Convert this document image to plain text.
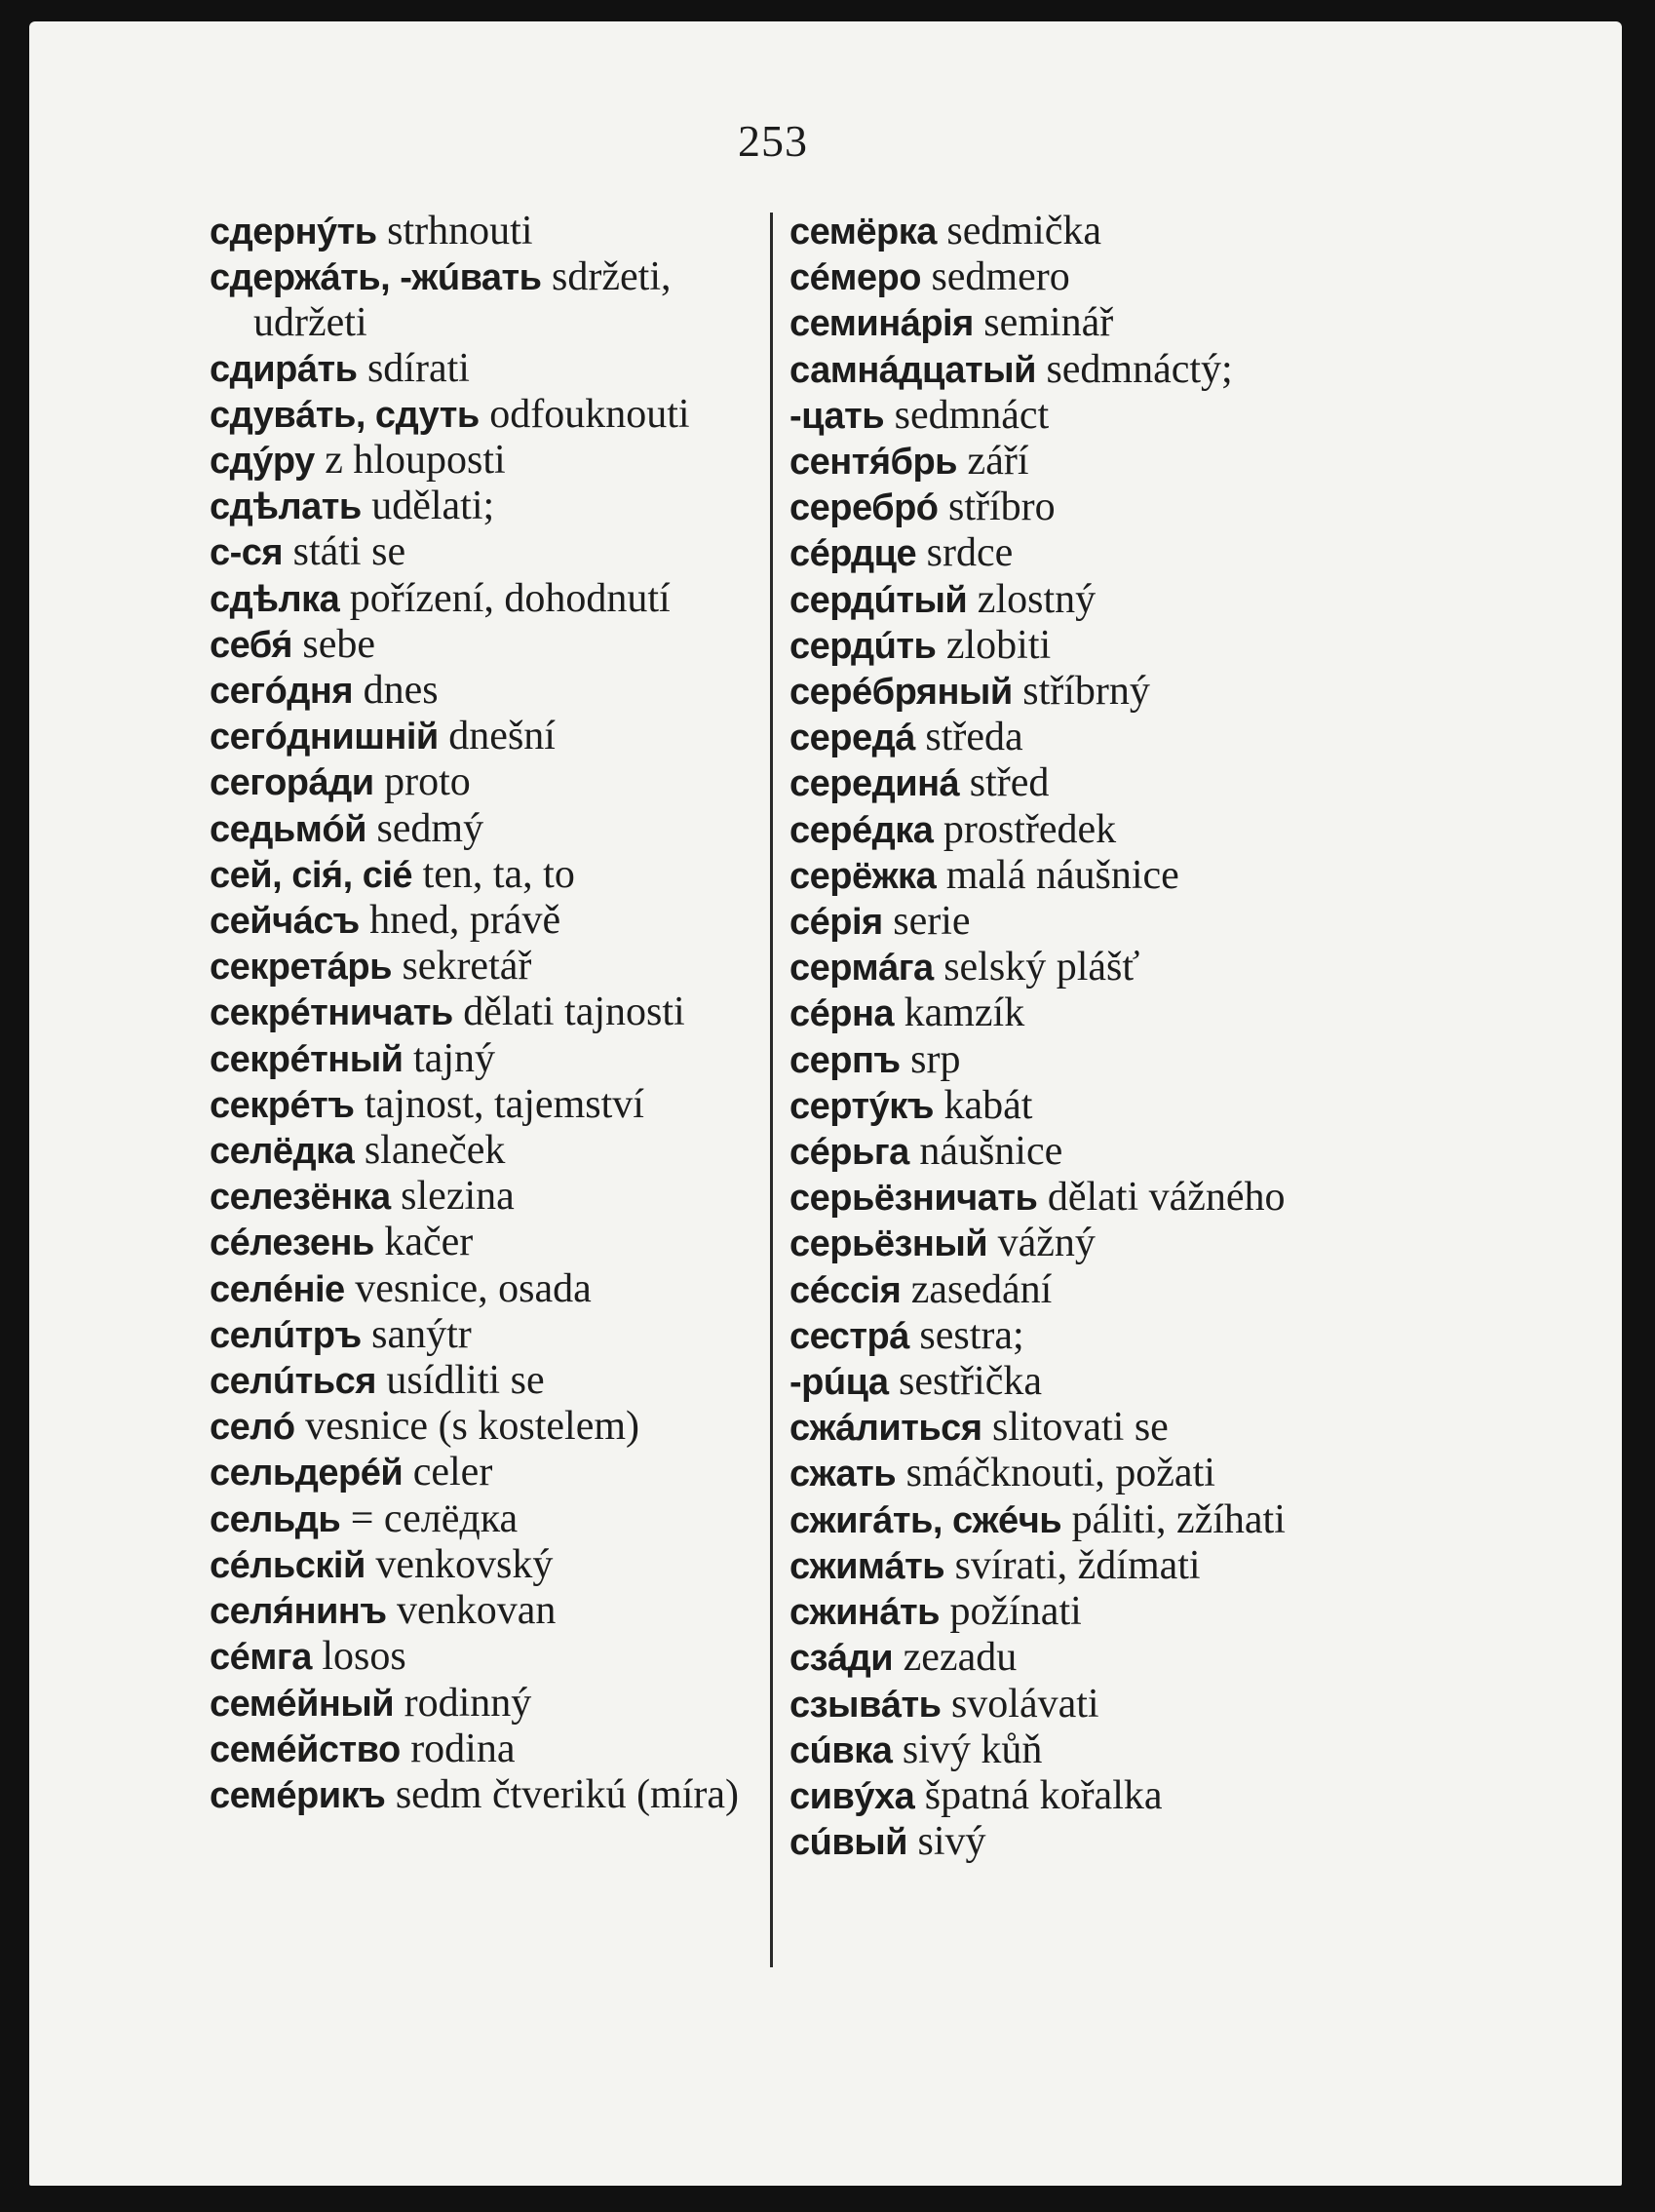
253
сдернýть strhnouti
сдержáть, -жúвать sdržeti, udržeti
сдирáть sdírati
сдувáть, сдуть odfouknouti
сдýру z hlouposti
сдѣлать udělati;
с-ся státi se
сдѣлка pořízení, dohodnutí
себя́ sebe
сегóдня dnes
сегóднишній dnešní
сегорáди proto
седьмóй sedmý
сей, сія́, сіé ten, ta, to
сейчáсъ hned, právě
секретáрь sekretář
секрéтничать dělati tajnosti
секрéтный tajný
секрéтъ tajnost, tajemství
селёдка slaneček
селезёнка slezina
сéлезень kačer
селéніе vesnice, osada
селúтръ sanýtr
селúться usídliti se
селó vesnice (s kostelem)
сельдерéй celer
сельдь = селёдка
сéльскій venkovský
селя́нинъ venkovan
сéмга losos
семéйный rodinný
семéйство rodina
семéрикъ sedm čtverikú (míra)
семёрка sedmička
сéмеро sedmero
семинáрія seminář
самнáдцатый sedmnáctý;
-цать sedmnáct
сентя́брь září
серебрó stříbro
сéрдце srdce
сердúтый zlostný
сердúть zlobiti
серéбряный stříbrný
середá středa
серединá střed
серéдка prostředek
серёжка malá náušnice
сéрія serie
сермáга selský plášť
сéрна kamzík
серпъ srp
сертýкъ kabát
сéрьга náušnice
серьёзничать dělati vážného
серьёзный vážný
сéссія zasedání
сестрá sestra;
-рúца sestřička
сжáлиться slitovati se
сжать smáčknouti, požati
сжигáть, сжéчь páliti, zžíhati
сжимáть svírati, ždímati
сжинáть požínati
сзáди zezadu
сзывáть svolávati
сúвка sivý kůň
сивýха špatná kořalka
сúвый sivý
